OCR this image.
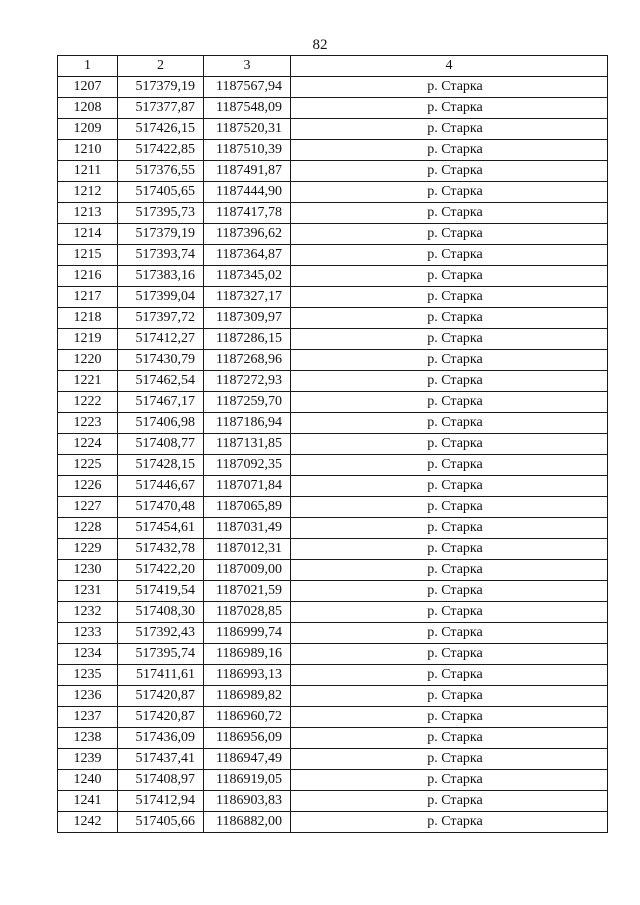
82
1	2	3	4
1207	517379,19	1187567,94	р. Старка
1208	517377,87	1187548,09	р. Старка
1209	517426,15	1187520,31	р. Старка
1210	517422,85	1187510,39	р. Старка
1211	517376,55	1187491,87	р. Старка
1212	517405,65	1187444,90	р. Старка
1213	517395,73	1187417,78	р. Старка
1214	517379,19	1187396,62	р. Старка
1215	517393,74	1187364,87	р. Старка
1216	517383,16	1187345,02	р. Старка
1217	517399,04	1187327,17	р. Старка
1218	517397,72	1187309,97	р. Старка
1219	517412,27	1187286,15	р. Старка
1220	517430,79	1187268,96	р. Старка
1221	517462,54	1187272,93	р. Старка
1222	517467,17	1187259,70	р. Старка
1223	517406,98	1187186,94	р. Старка
1224	517408,77	1187131,85	р. Старка
1225	517428,15	1187092,35	р. Старка
1226	517446,67	1187071,84	р. Старка
1227	517470,48	1187065,89	р. Старка
1228	517454,61	1187031,49	р. Старка
1229	517432,78	1187012,31	р. Старка
1230	517422,20	1187009,00	р. Старка
1231	517419,54	1187021,59	р. Старка
1232	517408,30	1187028,85	р. Старка
1233	517392,43	1186999,74	р. Старка
1234	517395,74	1186989,16	р. Старка
1235	517411,61	1186993,13	р. Старка
1236	517420,87	1186989,82	р. Старка
1237	517420,87	1186960,72	р. Старка
1238	517436,09	1186956,09	р. Старка
1239	517437,41	1186947,49	р. Старка
1240	517408,97	1186919,05	р. Старка
1241	517412,94	1186903,83	р. Старка
1242	517405,66	1186882,00	р. Старка
